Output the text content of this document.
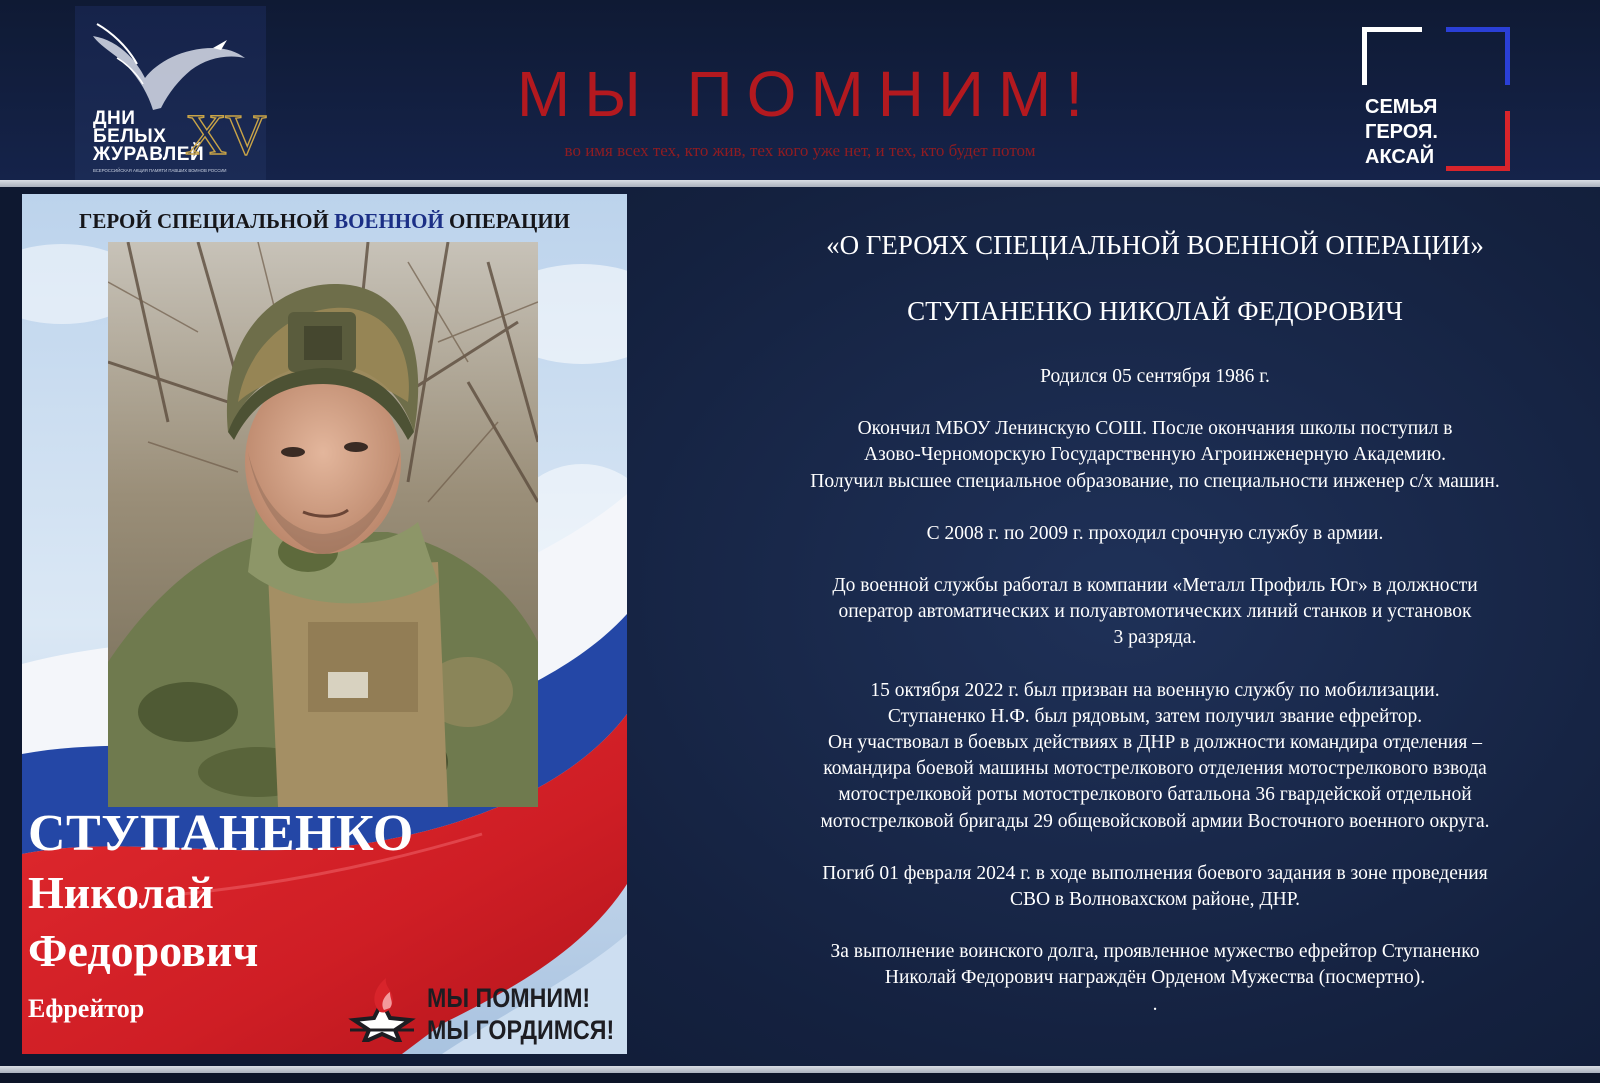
ДНИ
БЕЛЫХ
ЖУРАВЛЕЙ
XV
ВСЕРОССИЙСКАЯ АКЦИЯ ПАМЯТИ ПАВШИХ ВОИНОВ РОССИИ
МЫ ПОМНИМ!
во имя всех тех, кто жив, тех кого уже нет, и тех, кто будет потом
СЕМЬЯ
ГЕРОЯ.
АКСАЙ
ГЕРОЙ СПЕЦИАЛЬНОЙ ВОЕННОЙ ОПЕРАЦИИ
СТУПАНЕНКО
Николай
Федорович
Ефрейтор	МЫ ПОМНИМ!
МЫ ГОРДИМСЯ!
«О ГЕРОЯХ СПЕЦИАЛЬНОЙ ВОЕННОЙ ОПЕРАЦИИ»
СТУПАНЕНКО НИКОЛАЙ ФЕДОРОВИЧ
Родился 05 сентября 1986 г.
Окончил МБОУ Ленинскую СОШ. После окончания школы поступил в
Азово-Черноморскую Государственную Агроинженерную Академию.
Получил высшее специальное образование, по специальности инженер с/х машин.
С 2008 г. по 2009 г. проходил срочную службу в армии.
До военной службы работал в компании «Металл Профиль Юг» в должности
оператор автоматических и полуавтомотических линий станков и установок
3 разряда.
15 октября 2022 г. был призван на военную службу по мобилизации.
Ступаненко Н.Ф. был рядовым, затем получил звание ефрейтор.
Он участвовал в боевых действиях в ДНР в должности командира отделения –
командира боевой машины мотострелкового отделения мотострелкового взвода
мотострелковой роты мотострелкового батальона 36 гвардейской отдельной
мотострелковой бригады 29 общевойсковой армии Восточного военного округа.
Погиб 01 февраля 2024 г. в ходе выполнения боевого задания в зоне проведения
СВО в Волновахском районе, ДНР.
За выполнение воинского долга, проявленное мужество ефрейтор Ступаненко
Николай Федорович награждён Орденом Мужества (посмертно).
.
